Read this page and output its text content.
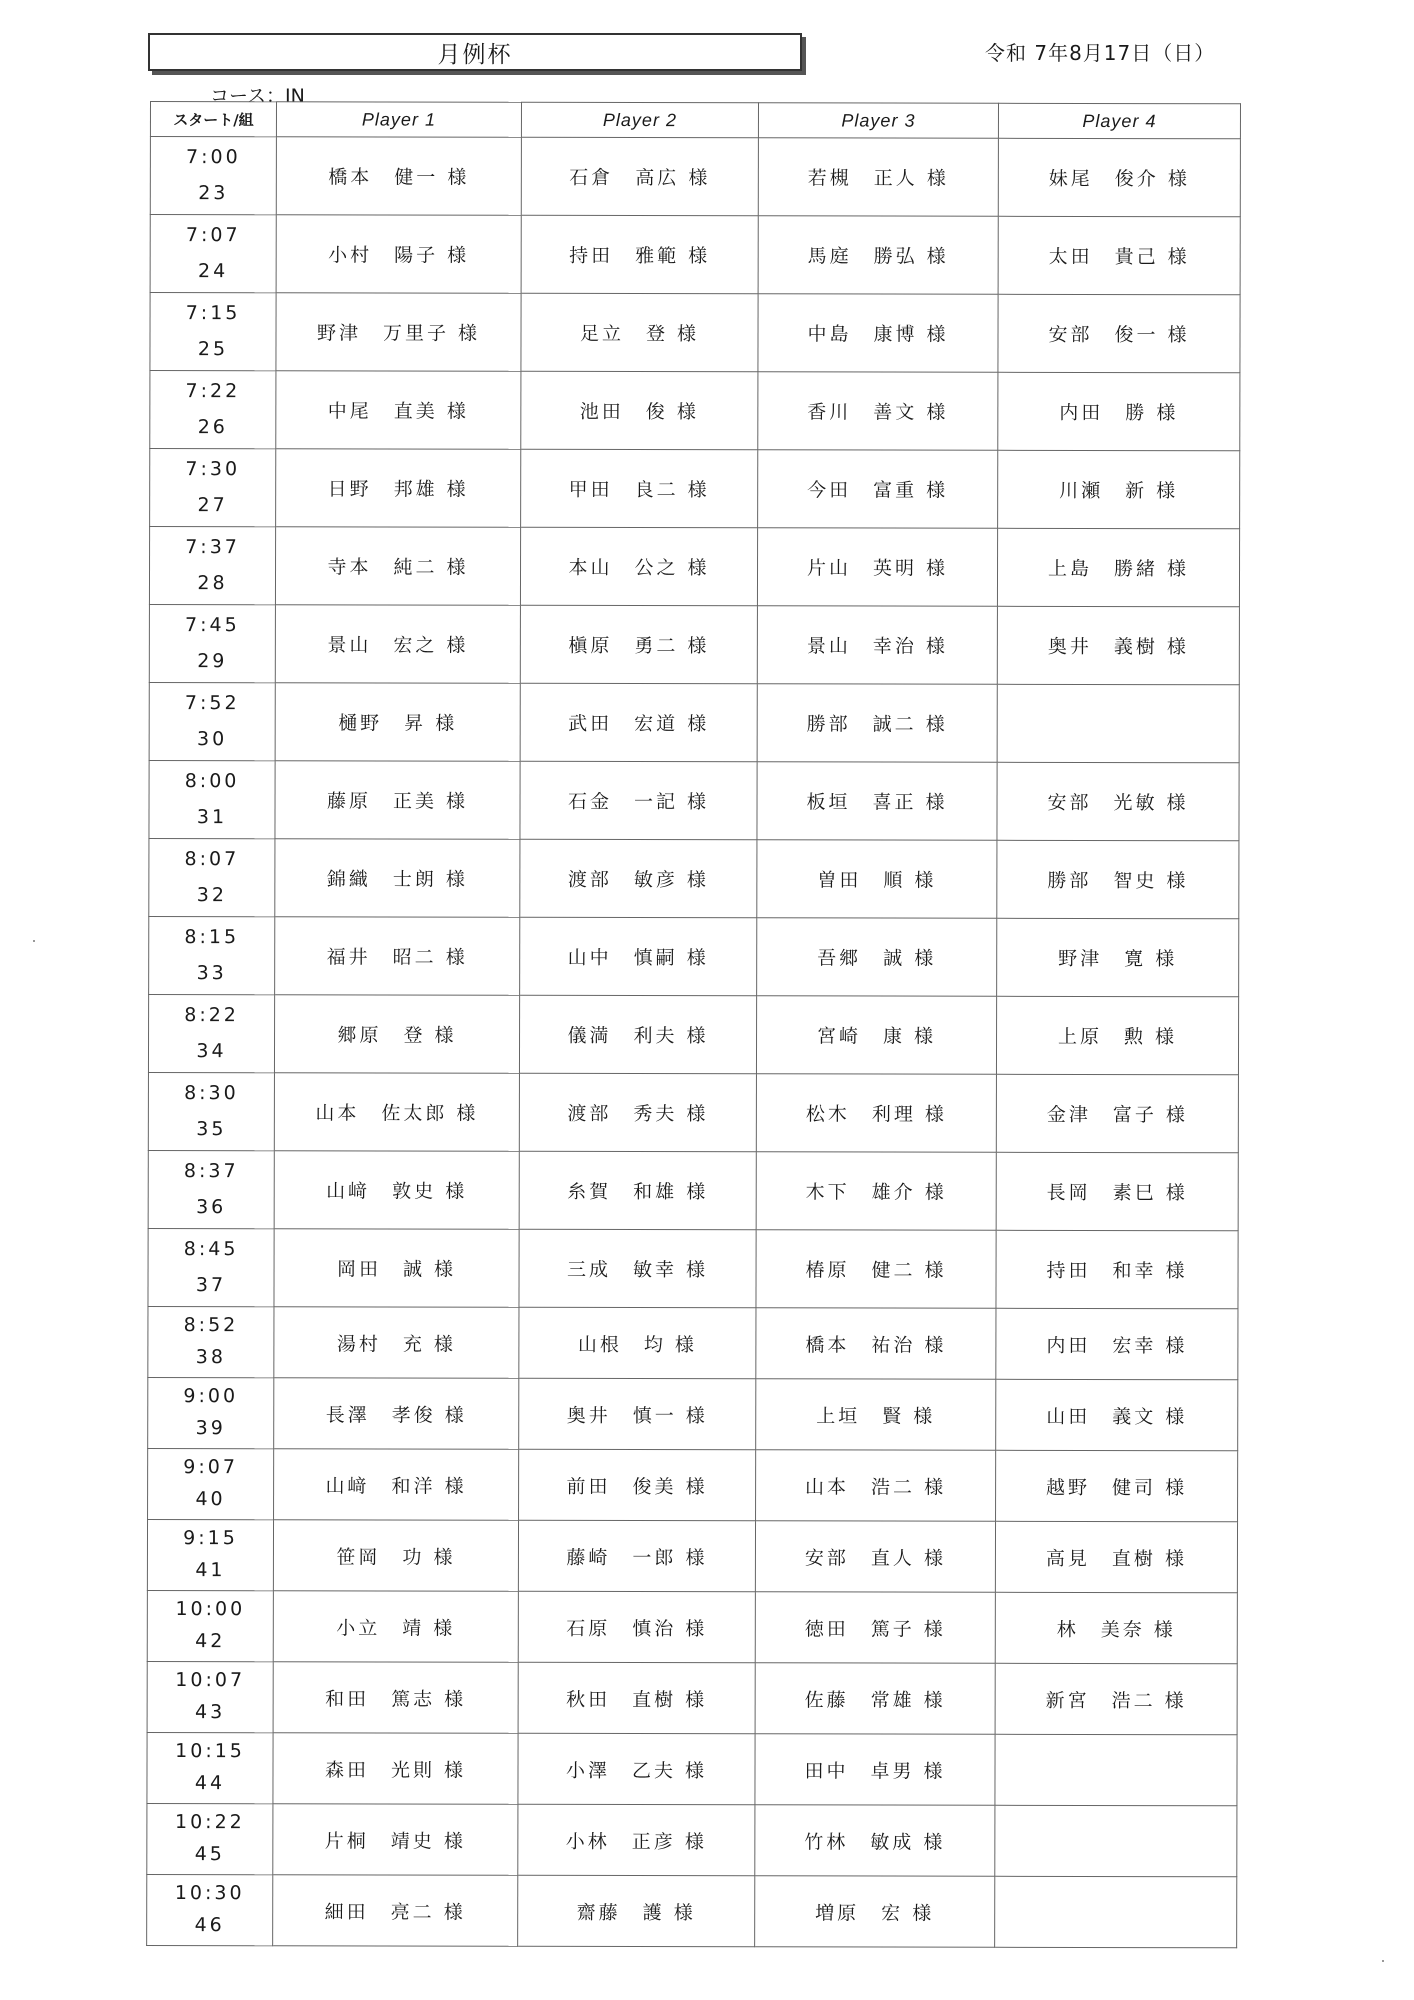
月例杯	令和 7年8月17日（日）
コース：IN
スタート/組	Player 1	Player 2	Player 3	Player 4

7:00
23	橋本　健一 様	石倉　高広 様	若槻　正人 様	妹尾　俊介 様

7:07
24	小村　陽子 様	持田　雅範 様	馬庭　勝弘 様	太田　貴己 様

7:15
25	野津　万里子 様	足立　登 様	中島　康博 様	安部　俊一 様

7:22
26	中尾　直美 様	池田　俊 様	香川　善文 様	内田　勝 様

7:30
27	日野　邦雄 様	甲田　良二 様	今田　富重 様	川瀬　新 様

7:37
28	寺本　純二 様	本山　公之 様	片山　英明 様	上島　勝緒 様

7:45
29	景山　宏之 様	槇原　勇二 様	景山　幸治 様	奥井　義樹 様

7:52
30	樋野　昇 様	武田　宏道 様	勝部　誠二 様	

8:00
31	藤原　正美 様	石金　一記 様	板垣　喜正 様	安部　光敏 様

8:07
32	錦織　士朗 様	渡部　敏彦 様	曽田　順 様	勝部　智史 様

8:15
33	福井　昭二 様	山中　慎嗣 様	吾郷　誠 様	野津　寛 様

8:22
34	郷原　登 様	儀満　利夫 様	宮崎　康 様	上原　勲 様

8:30
35	山本　佐太郎 様	渡部　秀夫 様	松木　利理 様	金津　富子 様

8:37
36	山﨑　敦史 様	糸賀　和雄 様	木下　雄介 様	長岡　素巳 様

8:45
37	岡田　誠 様	三成　敏幸 様	椿原　健二 様	持田　和幸 様

8:52
38	湯村　充 様	山根　均 様	橋本　祐治 様	内田　宏幸 様

9:00
39	長澤　孝俊 様	奥井　慎一 様	上垣　賢 様	山田　義文 様

9:07
40	山﨑　和洋 様	前田　俊美 様	山本　浩二 様	越野　健司 様

9:15
41	笹岡　功 様	藤崎　一郎 様	安部　直人 様	高見　直樹 様

10:00
42	小立　靖 様	石原　慎治 様	徳田　篤子 様	林　美奈 様

10:07
43	和田　篤志 様	秋田　直樹 様	佐藤　常雄 様	新宮　浩二 様

10:15
44	森田　光則 様	小澤　乙夫 様	田中　卓男 様	

10:22
45	片桐　靖史 様	小林　正彦 様	竹林　敏成 様	

10:30
46	細田　亮二 様	齋藤　護 様	増原　宏 様	
